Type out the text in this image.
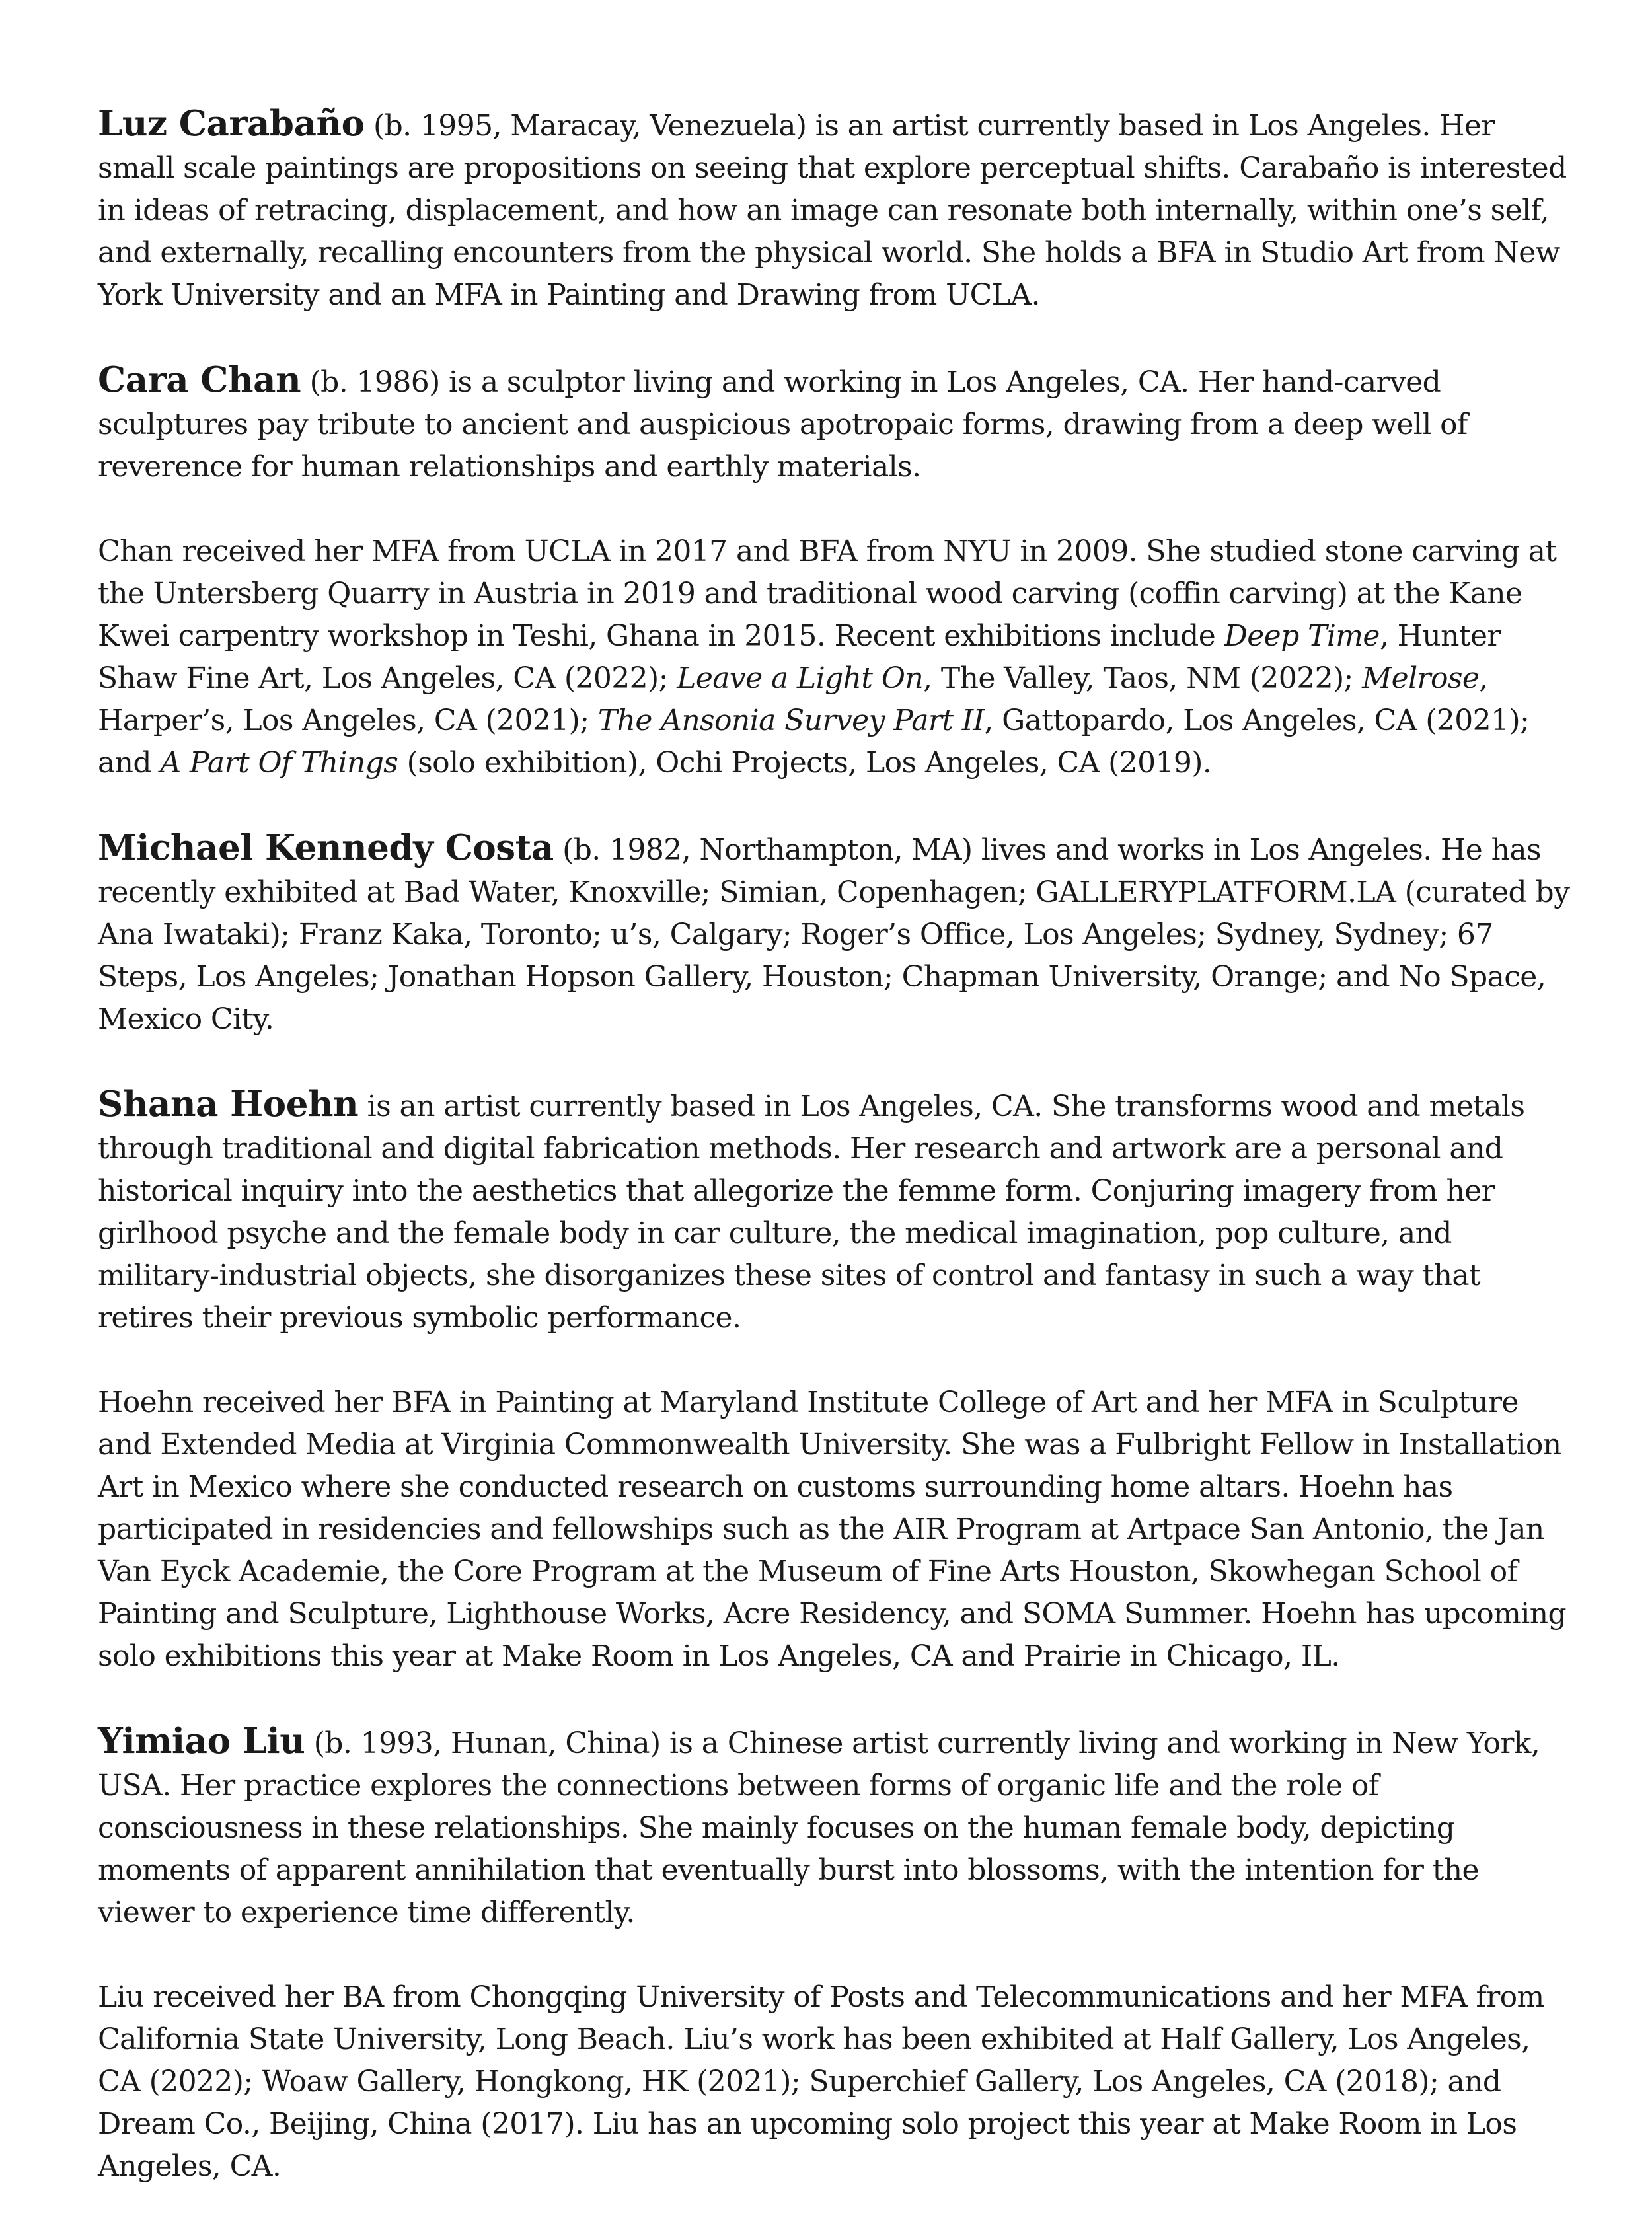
Luz Carabaño (b. 1995, Maracay, Venezuela) is an artist currently based in Los Angeles. Her small scale paintings are propositions on seeing that explore perceptual shifts. Carabaño is interested in ideas of retracing, displacement, and how an image can resonate both internally, within one’s self, and externally, recalling encounters from the physical world. She holds a BFA in Studio Art from New York University and an MFA in Painting and Drawing from UCLA.

Cara Chan (b. 1986) is a sculptor living and working in Los Angeles, CA. Her hand-carved sculptures pay tribute to ancient and auspicious apotropaic forms, drawing from a deep well of reverence for human relationships and earthly materials.

Chan received her MFA from UCLA in 2017 and BFA from NYU in 2009. She studied stone carving at the Untersberg Quarry in Austria in 2019 and traditional wood carving (coffin carving) at the Kane Kwei carpentry workshop in Teshi, Ghana in 2015. Recent exhibitions include Deep Time, Hunter Shaw Fine Art, Los Angeles, CA (2022); Leave a Light On, The Valley, Taos, NM (2022); Melrose, Harper’s, Los Angeles, CA (2021); The Ansonia Survey Part II, Gattopardo, Los Angeles, CA (2021); and A Part Of Things (solo exhibition), Ochi Projects, Los Angeles, CA (2019).

Michael Kennedy Costa (b. 1982, Northampton, MA) lives and works in Los Angeles. He has recently exhibited at Bad Water, Knoxville; Simian, Copenhagen; GALLERYPLATFORM.LA (curated by Ana Iwataki); Franz Kaka, Toronto; u’s, Calgary; Roger’s Office, Los Angeles; Sydney, Sydney; 67 Steps, Los Angeles; Jonathan Hopson Gallery, Houston; Chapman University, Orange; and No Space, Mexico City.

Shana Hoehn is an artist currently based in Los Angeles, CA. She transforms wood and metals through traditional and digital fabrication methods. Her research and artwork are a personal and historical inquiry into the aesthetics that allegorize the femme form. Conjuring imagery from her girlhood psyche and the female body in car culture, the medical imagination, pop culture, and military-industrial objects, she disorganizes these sites of control and fantasy in such a way that retires their previous symbolic performance.

Hoehn received her BFA in Painting at Maryland Institute College of Art and her MFA in Sculpture and Extended Media at Virginia Commonwealth University. She was a Fulbright Fellow in Installation Art in Mexico where she conducted research on customs surrounding home altars. Hoehn has participated in residencies and fellowships such as the AIR Program at Artpace San Antonio, the Jan Van Eyck Academie, the Core Program at the Museum of Fine Arts Houston, Skowhegan School of Painting and Sculpture, Lighthouse Works, Acre Residency, and SOMA Summer. Hoehn has upcoming solo exhibitions this year at Make Room in Los Angeles, CA and Prairie in Chicago, IL.

Yimiao Liu (b. 1993, Hunan, China) is a Chinese artist currently living and working in New York, USA. Her practice explores the connections between forms of organic life and the role of consciousness in these relationships. She mainly focuses on the human female body, depicting moments of apparent annihilation that eventually burst into blossoms, with the intention for the viewer to experience time differently.

Liu received her BA from Chongqing University of Posts and Telecommunications and her MFA from California State University, Long Beach. Liu’s work has been exhibited at Half Gallery, Los Angeles, CA (2022); Woaw Gallery, Hongkong, HK (2021); Superchief Gallery, Los Angeles, CA (2018); and Dream Co., Beijing, China (2017). Liu has an upcoming solo project this year at Make Room in Los Angeles, CA.
